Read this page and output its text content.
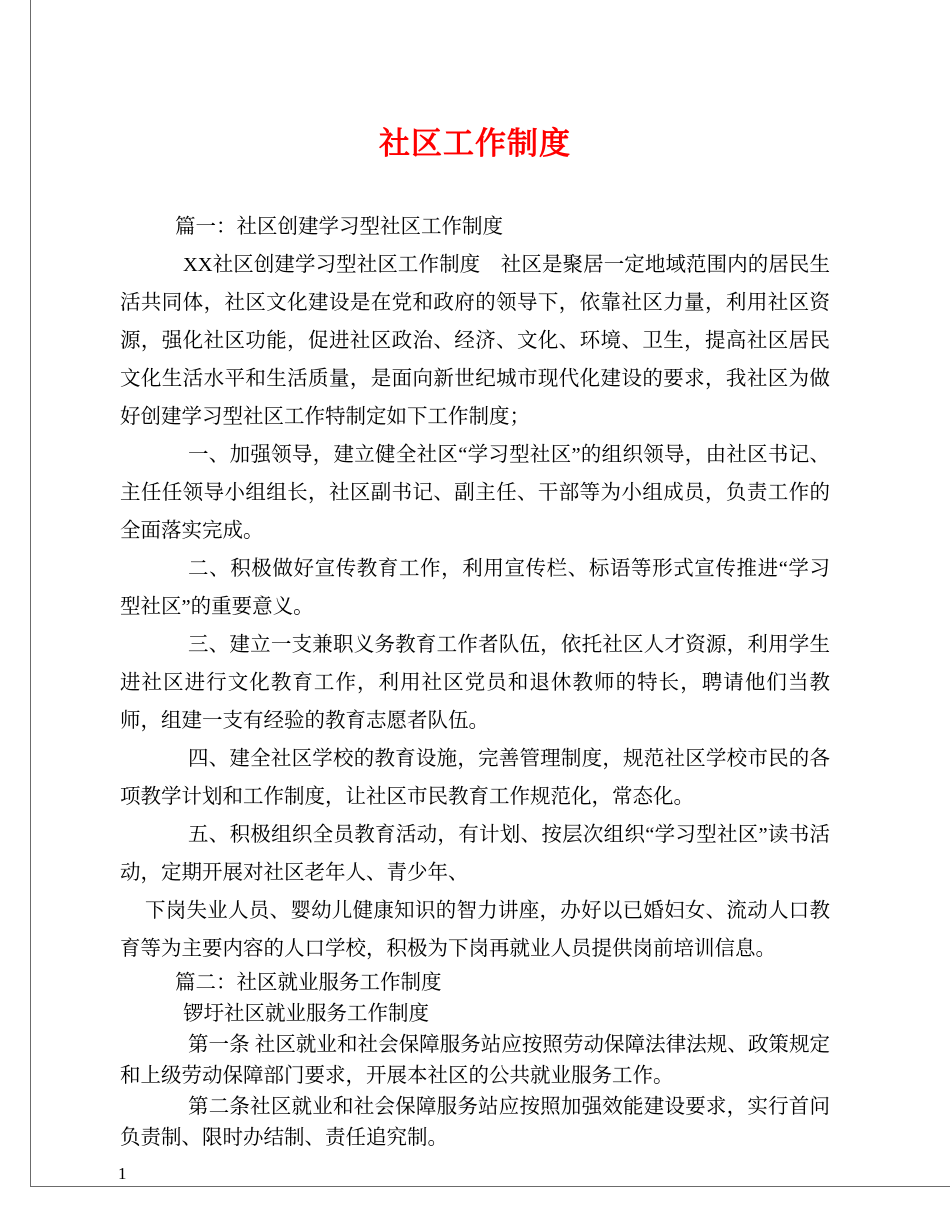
社区工作制度

篇一：社区创建学习型社区工作制度

XX社区创建学习型社区工作制度　社区是聚居一定地域范围内的居民生活共同体，社区文化建设是在党和政府的领导下，依靠社区力量，利用社区资源，强化社区功能，促进社区政治、经济、文化、环境、卫生，提高社区居民文化生活水平和生活质量，是面向新世纪城市现代化建设的要求，我社区为做好创建学习型社区工作特制定如下工作制度；

一、加强领导，建立健全社区“学习型社区”的组织领导，由社区书记、主任任领导小组组长，社区副书记、副主任、干部等为小组成员，负责工作的全面落实完成。

二、积极做好宣传教育工作，利用宣传栏、标语等形式宣传推进“学习型社区”的重要意义。

三、建立一支兼职义务教育工作者队伍，依托社区人才资源，利用学生进社区进行文化教育工作，利用社区党员和退休教师的特长，聘请他们当教师，组建一支有经验的教育志愿者队伍。

四、建全社区学校的教育设施，完善管理制度，规范社区学校市民的各项教学计划和工作制度，让社区市民教育工作规范化，常态化。

五、积极组织全员教育活动，有计划、按层次组织“学习型社区”读书活动，定期开展对社区老年人、青少年、

下岗失业人员、婴幼儿健康知识的智力讲座，办好以已婚妇女、流动人口教育等为主要内容的人口学校，积极为下岗再就业人员提供岗前培训信息。

篇二：社区就业服务工作制度

锣圩社区就业服务工作制度

第一条 社区就业和社会保障服务站应按照劳动保障法律法规、政策规定和上级劳动保障部门要求，开展本社区的公共就业服务工作。

第二条社区就业和社会保障服务站应按照加强效能建设要求，实行首问负责制、限时办结制、责任追究制。

1
